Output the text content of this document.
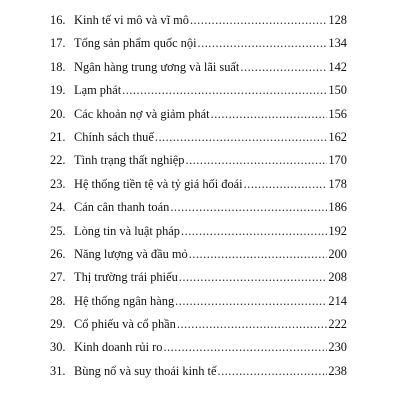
16. Kinh tế vi mô và vĩ mô .....	128
17. Tổng sản phẩm quốc nội .....	134
18. Ngân hàng trung ương và lãi suất .....	142
19. Lạm phát .....	150
20. Các khoản nợ và giảm phát .....	156
21. Chính sách thuế .....	162
22. Tình trạng thất nghiệp .....	170
23. Hệ thống tiền tệ và tỷ giá hối đoái .....	178
24. Cán cân thanh toán .....	186
25. Lòng tin và luật pháp .....	192
26. Năng lượng và đầu mỏ .....	200
27. Thị trường trái phiếu .....	208
28. Hệ thống ngân hàng .....	214
29. Cổ phiếu và cổ phần .....	222
30. Kinh doanh rủi ro .....	230
31. Bùng nổ và suy thoái kinh tế .....	238
